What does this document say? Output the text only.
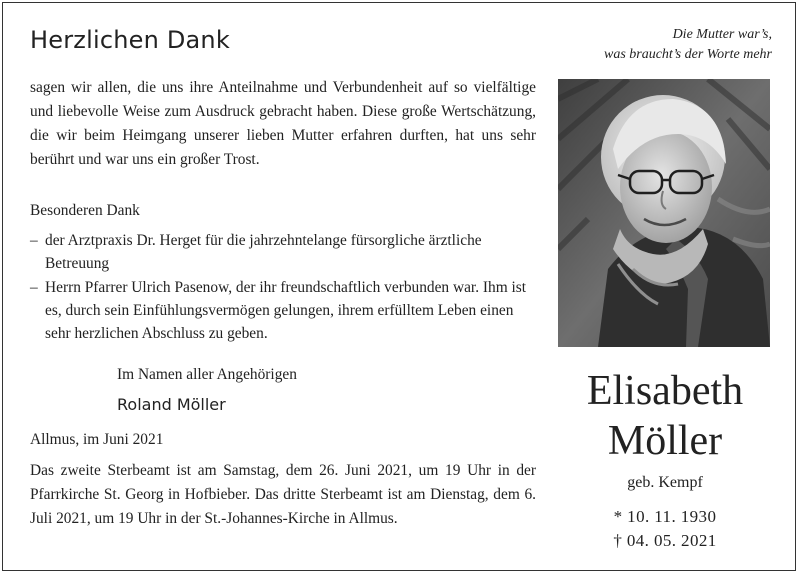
Herzlichen Dank
sagen wir allen, die uns ihre Anteilnahme und Verbundenheit auf so vielfältige und liebevolle Weise zum Ausdruck gebracht haben. Diese große Wertschätzung, die wir beim Heimgang unserer lieben Mutter erfahren durften, hat uns sehr berührt und war uns ein großer Trost.
Besonderen Dank
– der Arztpraxis Dr. Herget für die jahrzehntelange fürsorgliche ärztliche Betreuung
– Herrn Pfarrer Ulrich Pasenow, der ihr freundschaftlich verbunden war. Ihm ist es, durch sein Einfühlungsvermögen gelungen, ihrem erfülltem Leben einen sehr herzlichen Abschluss zu geben.
Im Namen aller Angehörigen
Roland Möller
Allmus, im Juni 2021
Das zweite Sterbeamt ist am Samstag, dem 26. Juni 2021, um 19 Uhr in der Pfarrkirche St. Georg in Hofbieber. Das dritte Sterbeamt ist am Dienstag, dem 6. Juli 2021, um 19 Uhr in der St.-Johannes-Kirche in Allmus.
Die Mutter war’s,
was braucht’s der Worte mehr
Elisabeth
Möller
geb. Kempf
* 10. 11. 1930
† 04. 05. 2021
